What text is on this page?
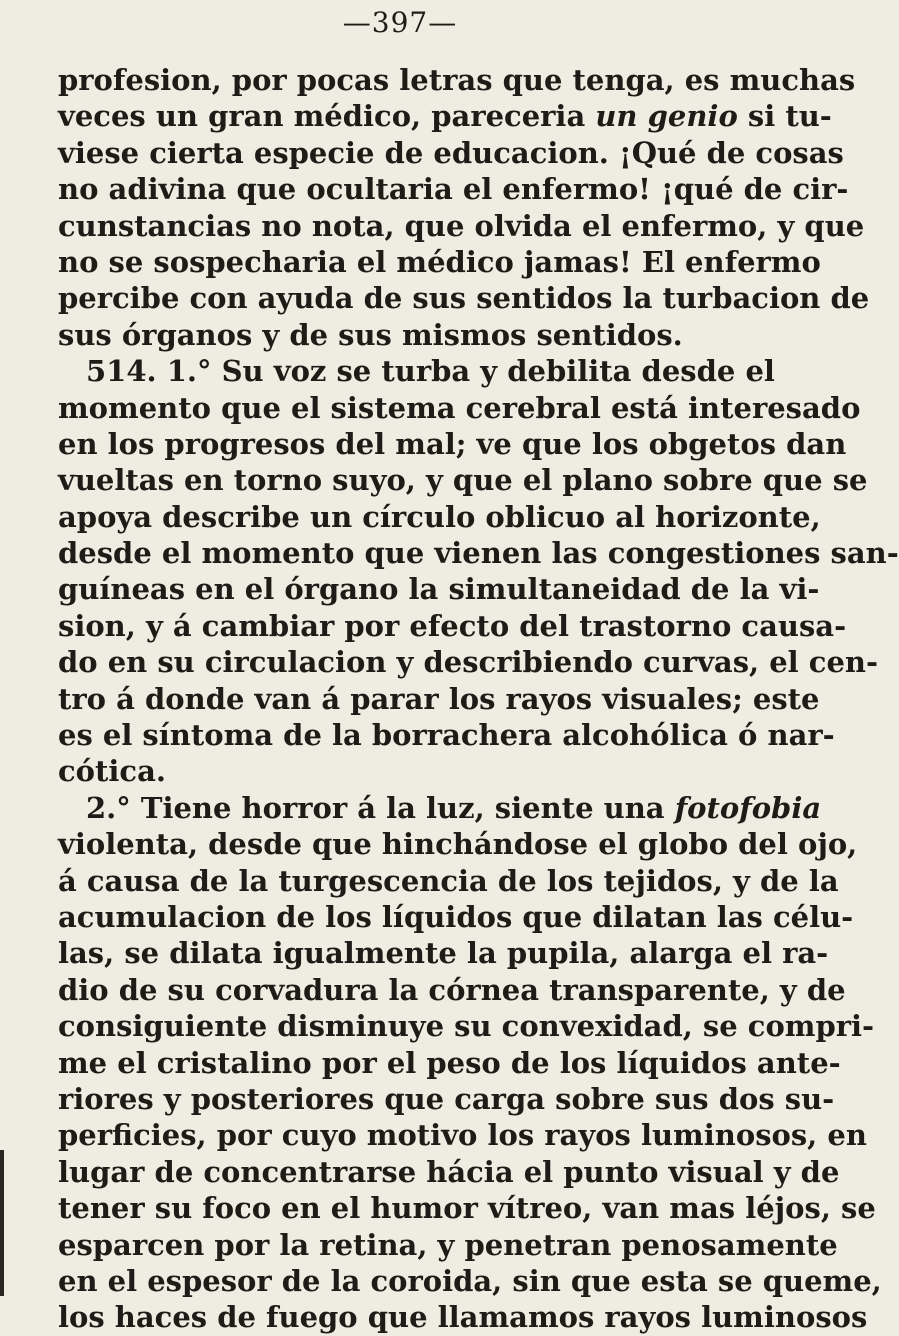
—397—
profesion, por pocas letras que tenga, es muchas
veces un gran médico, pareceria un genio si tu-
viese cierta especie de educacion. ¡Qué de cosas
no adivina que ocultaria el enfermo! ¡qué de cir-
cunstancias no nota, que olvida el enfermo, y que
no se sospecharia el médico jamas! El enfermo
percibe con ayuda de sus sentidos la turbacion de
sus órganos y de sus mismos sentidos.
514. 1.° Su voz se turba y debilita desde el
momento que el sistema cerebral está interesado
en los progresos del mal; ve que los obgetos dan
vueltas en torno suyo, y que el plano sobre que se
apoya describe un círculo oblicuo al horizonte,
desde el momento que vienen las congestiones san-
guíneas en el órgano la simultaneidad de la vi-
sion, y á cambiar por efecto del trastorno causa-
do en su circulacion y describiendo curvas, el cen-
tro á donde van á parar los rayos visuales; este
es el síntoma de la borrachera alcohólica ó nar-
cótica.
2.° Tiene horror á la luz, siente una fotofobia
violenta, desde que hinchándose el globo del ojo,
á causa de la turgescencia de los tejidos, y de la
acumulacion de los líquidos que dilatan las célu-
las, se dilata igualmente la pupila, alarga el ra-
dio de su corvadura la córnea transparente, y de
consiguiente disminuye su convexidad, se compri-
me el cristalino por el peso de los líquidos ante-
riores y posteriores que carga sobre sus dos su-
perficies, por cuyo motivo los rayos luminosos, en
lugar de concentrarse hácia el punto visual y de
tener su foco en el humor vítreo, van mas léjos, se
esparcen por la retina, y penetran penosamente
en el espesor de la coroida, sin que esta se queme,
los haces de fuego que llamamos rayos luminosos
